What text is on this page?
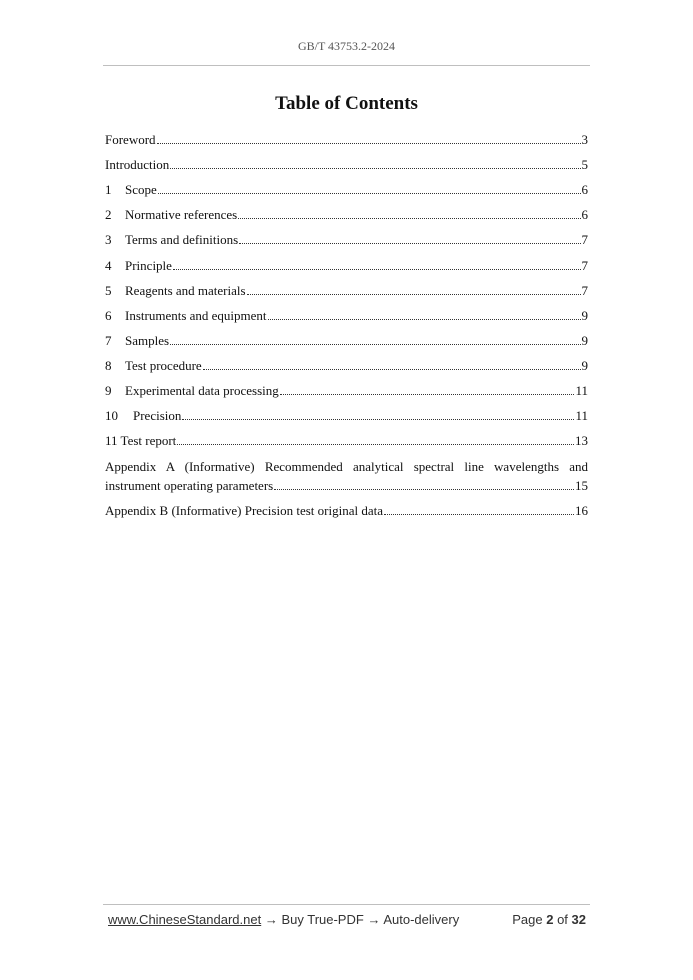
GB/T 43753.2-2024
Table of Contents
Foreword	3
Introduction	5
1	Scope	6
2	Normative references	6
3	Terms and definitions	7
4	Principle	7
5	Reagents and materials	7
6	Instruments and equipment	9
7	Samples	9
8	Test procedure	9
9	Experimental data processing	11
10	Precision	11
11 Test report	13
Appendix A (Informative) Recommended analytical spectral line wavelengths and
instrument operating parameters	15
Appendix B (Informative) Precision test original data	16
www.ChineseStandard.net → Buy True-PDF → Auto-delivery	Page 2 of 32
